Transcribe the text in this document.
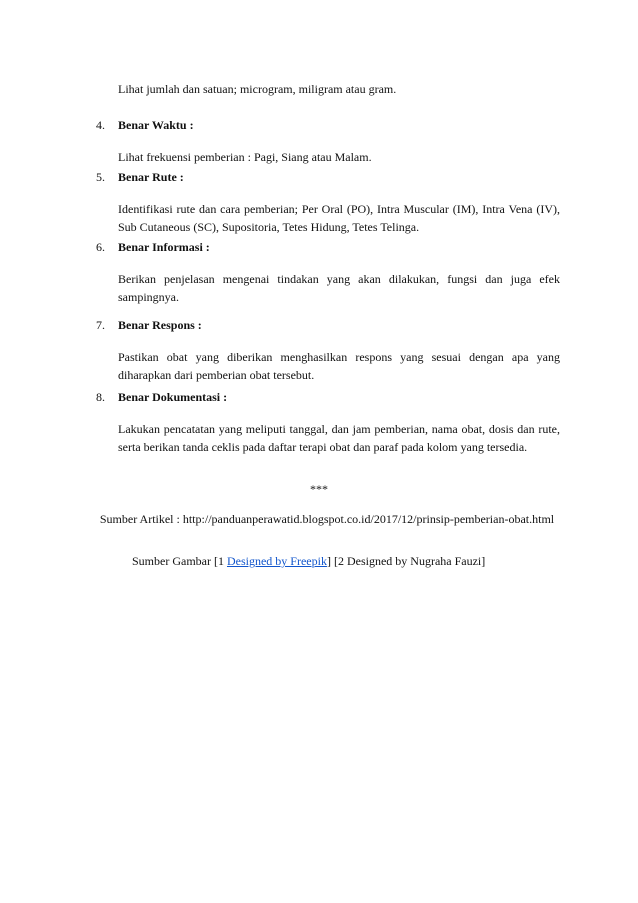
Lihat jumlah dan satuan; microgram, miligram atau gram.
4.	Benar Waktu :
Lihat frekuensi pemberian : Pagi, Siang atau Malam.
5.	Benar Rute :
Identifikasi rute dan cara pemberian; Per Oral (PO), Intra Muscular (IM), Intra Vena (IV), Sub Cutaneous (SC), Supositoria, Tetes Hidung, Tetes Telinga.
6.	Benar Informasi :
Berikan penjelasan mengenai tindakan yang akan dilakukan, fungsi dan juga efek sampingnya.
7.	Benar Respons :
Pastikan obat yang diberikan menghasilkan respons yang sesuai dengan apa yang diharapkan dari pemberian obat tersebut.
8.	Benar Dokumentasi :
Lakukan pencatatan yang meliputi tanggal, dan jam pemberian, nama obat, dosis dan rute, serta berikan tanda ceklis pada daftar terapi obat dan paraf pada kolom yang tersedia.
***
Sumber Artikel : http://panduanperawatid.blogspot.co.id/2017/12/prinsip-pemberian-obat.html
Sumber Gambar [1 Designed by Freepik] [2 Designed by Nugraha Fauzi]
